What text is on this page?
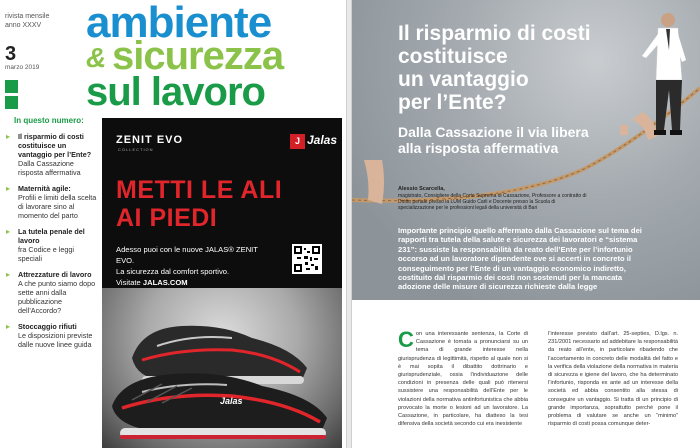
rivista mensile
anno XXXV
3
marzo 2019
ambiente
& sicurezza
sul lavoro
In questo numero:
▸ Il risparmio di costi costituisce un vantaggio per l’Ente?
Dalla Cassazione risposta affermativa
▸ Maternità agile:
Profili e limiti della scelta di lavorare sino al momento del parto
▸ La tutela penale del lavoro
fra Codice e leggi speciali
▸ Attrezzature di lavoro
A che punto siamo dopo sette anni dalla pubblicazione dell’Accordo?
▸ Stoccaggio rifiuti
Le disposizioni previste dalle nuove linee guida
ZENIT EVO
COLLECTION
J Jalas
METTI LE ALI
AI PIEDI
Adesso puoi con le nuove JALAS® ZENIT EVO.
La sicurezza dal comfort sportivo.
Visitate JALAS.COM
Jalas
Il risparmio di costi
costituisce
un vantaggio
per l’Ente?
Dalla Cassazione il via libera
alla risposta affermativa
Alessio Scarcella,
magistrato, Consigliere della Corte Suprema di Cassazione, Professore a contratto di Diritto penale presso la LUM Guido Carli e Docente presso la Scuola di specializzazione per le professioni legali della università di Bari
Importante principio quello affermato dalla Cassazione sul tema dei rapporti tra tutela della salute e sicurezza dei lavoratori e “sistema 231”: sussiste la responsabilità da reato dell’Ente per l’infortunio occorso ad un lavoratore dipendente ove si accerti in concreto il conseguimento per l’Ente di un vantaggio economico indiretto, costituito dal risparmio dei costi non sostenuti per la mancata adozione delle misure di sicurezza richieste dalla legge
C on una interessante sentenza, la Corte di Cassazione è tornata a pronunciarsi su un tema di grande interesse nella giurisprudenza di legittimità, rispetto al quale non si è mai sopita il dibattito dottrinario e giurisprudenziale, ossia l’individuazione delle condizioni in presenza delle quali può ritenersi sussistere una responsabilità dell’Ente per le violazioni della normativa antinfortunistica che abbia provocato la morte o lesioni ad un lavoratore. La Cassazione, in particolare, ha diatteso la tesi difensiva della società secondo cui era inesistente
l’interesse previsto dall’art. 25-septies, D.lgs. n. 231/2001 necessario ad addebitare la responsabilità da reato all’ente, in particolare ribadendo che l’accertamento in concreto delle modalità del fatto e la verifica della violazione della normativa in materia di sicurezza e igiene del lavoro, che ha determinato l’infortunio, risponda ex ante ad un interesse della società ed abbia consentito alla stessa di conseguire un vantaggio. Si tratta di un principio di grande importanza, soprattutto perché pone il problema di valutare se anche un “minimo” risparmio di costi possa comunque deter-
